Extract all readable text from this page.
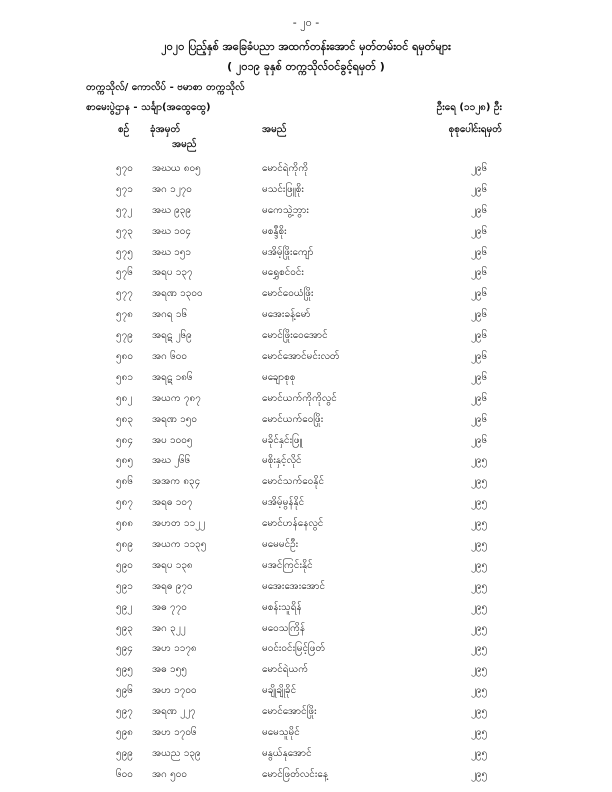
- ၂၀ -
၂၀၂၀ ပြည့်နှစ် အခြေခံပညာ အထက်တန်းအောင် မှတ်တမ်းဝင် ရမှတ်များ
( ၂၀၁၉ ခုနှစ် တက္ကသိုလ်ဝင်ခွင့်ရမှတ် )
တက္ကသိုလ်/ ကောလိပ် - ဗမာစာ တက္ကသိုလ်
စာမေးပွဲဌာန - သင်္ချာ(အထွေထွေ)	ဦးရေ (၁၁၂၈) ဦး
စဉ် ခုံအမှတ်
အမည်
အမည်	စုစုပေါင်းရမှတ်
၅၇၀ အဃယ ၈၀၅	မောင်ရဲကိုကို	၂၉၆
၅၇၁ အဂ ၁၂၇၀	မသင်းဖြူစိုး	၂၉၆
၅၇၂ အဃ ၉၃၉	မကေသွဲ့ဘွား	၂၉၆
၅၇၃ အဃ ၁၀၄	မစန္ဒီစိုး	၂၉၆
၅၇၅ အဃ ၁၅၁	မအိမ့်ဖြိုးကျော်	၂၉၆
၅၇၆ အရပ ၁၃၇	မရွှေစင်ဝင်း	၂၉၆
၅၇၇ အရဏ ၁၃၀၀	မောင်ဝေယံဖြိုး	၂၉၆
၅၇၈ အဂရ ၁၆	မအေးခန့်မော်	၂၉၆
၅၇၉ အရဋ ၂၆၉	မောင်ဖြိုးဝေအောင်	၂၉၆
၅၈၀ အဂ ၆၀၀	မောင်အောင်မင်းလတ်	၂၉၆
၅၈၁ အရဋ ၁၈၆	မချောစုစု	၂၉၆
၅၈၂ အယက ၇၈၇	မောင်ယက်ကိုကိုလွင်	၂၉၆
၅၈၃ အရဏ ၁၅၀	မောင်ယက်ဝေဖြိုး	၂၉၆
၅၈၄ အပ ၁၀၀၅	မခိုင်နှင်းဖြူ	၂၉၆
၅၈၅ အဃ ၂၆၆	မစိုးနှင့်လိုင်	၂၉၅
၅၈၆ အအက ၈၃၄	မောင်သက်ဝေနိုင်	၂၉၅
၅၈၇ အရဓ ၁၀၇	မအိမ့်မွန်နိုင်	၂၉၅
၅၈၈ အဟတ ၁၁၂၂	မောင်ဟန်နေလွင်	၂၉၅
၅၈၉ အယက ၁၁၃၅	မမေမင်ဦး	၂၉၅
၅၉၀ အရပ ၁၃၈	မအင်ကြင်းနိုင်	၂၉၅
၅၉၁ အရဓ ၉၇၀	မအေးအေးအောင်	၂၉၅
၅၉၂ အဓ ၇၇၀	မစန်းသူရိန်	၂၉၅
၅၉၃ အဂ ၃၂၂	မဝေသကြိန်	၂၉၅
၅၉၄ အဟ ၁၁၇၈	မဝင်းဝင်းမြင့်ဖြတ်	၂၉၅
၅၉၅ အဓ ၁၅၅	မောင်ရဲယက်	၂၉၅
၅၉၆ အဟ ၁၇၀၀	မချိုချိုခိုင်	၂၉၅
၅၉၇ အရဏ ၂၂၇	မောင်အောင်ဖြိုး	၂၉၅
၅၉၈ အဟ ၁၇၀၆	မမေသူမိုင်	၂၉၅
၅၉၉ အယည ၁၃၉	မနွယ်နုအောင်	၂၉၅
၆၀၀ အဂ ၅၀၀	မောင်ဖြတ်လင်းနေ့	၂၉၅
